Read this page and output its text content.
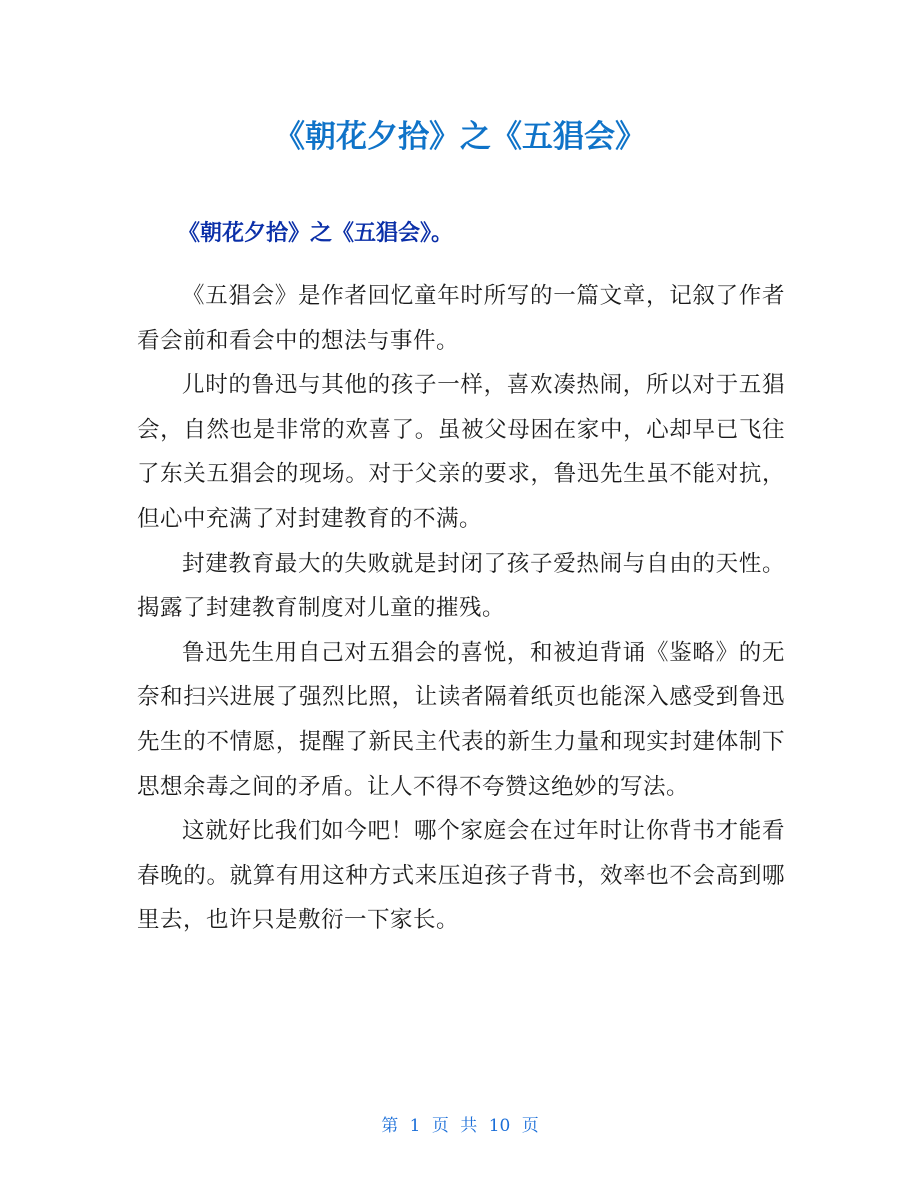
《朝花夕拾》之《五猖会》

《朝花夕拾》之《五猖会》。

《五猖会》是作者回忆童年时所写的一篇文章，记叙了作者看会前和看会中的想法与事件。

儿时的鲁迅与其他的孩子一样，喜欢凑热闹，所以对于五猖会，自然也是非常的欢喜了。虽被父母困在家中，心却早已飞往了东关五猖会的现场。对于父亲的要求，鲁迅先生虽不能对抗，但心中充满了对封建教育的不满。

封建教育最大的失败就是封闭了孩子爱热闹与自由的天性。揭露了封建教育制度对儿童的摧残。

鲁迅先生用自己对五猖会的喜悦，和被迫背诵《鉴略》的无奈和扫兴进展了强烈比照，让读者隔着纸页也能深入感受到鲁迅先生的不情愿，提醒了新民主代表的新生力量和现实封建体制下思想余毒之间的矛盾。让人不得不夸赞这绝妙的写法。

这就好比我们如今吧！哪个家庭会在过年时让你背书才能看春晚的。就算有用这种方式来压迫孩子背书，效率也不会高到哪里去，也许只是敷衍一下家长。

第 1 页 共 10 页
